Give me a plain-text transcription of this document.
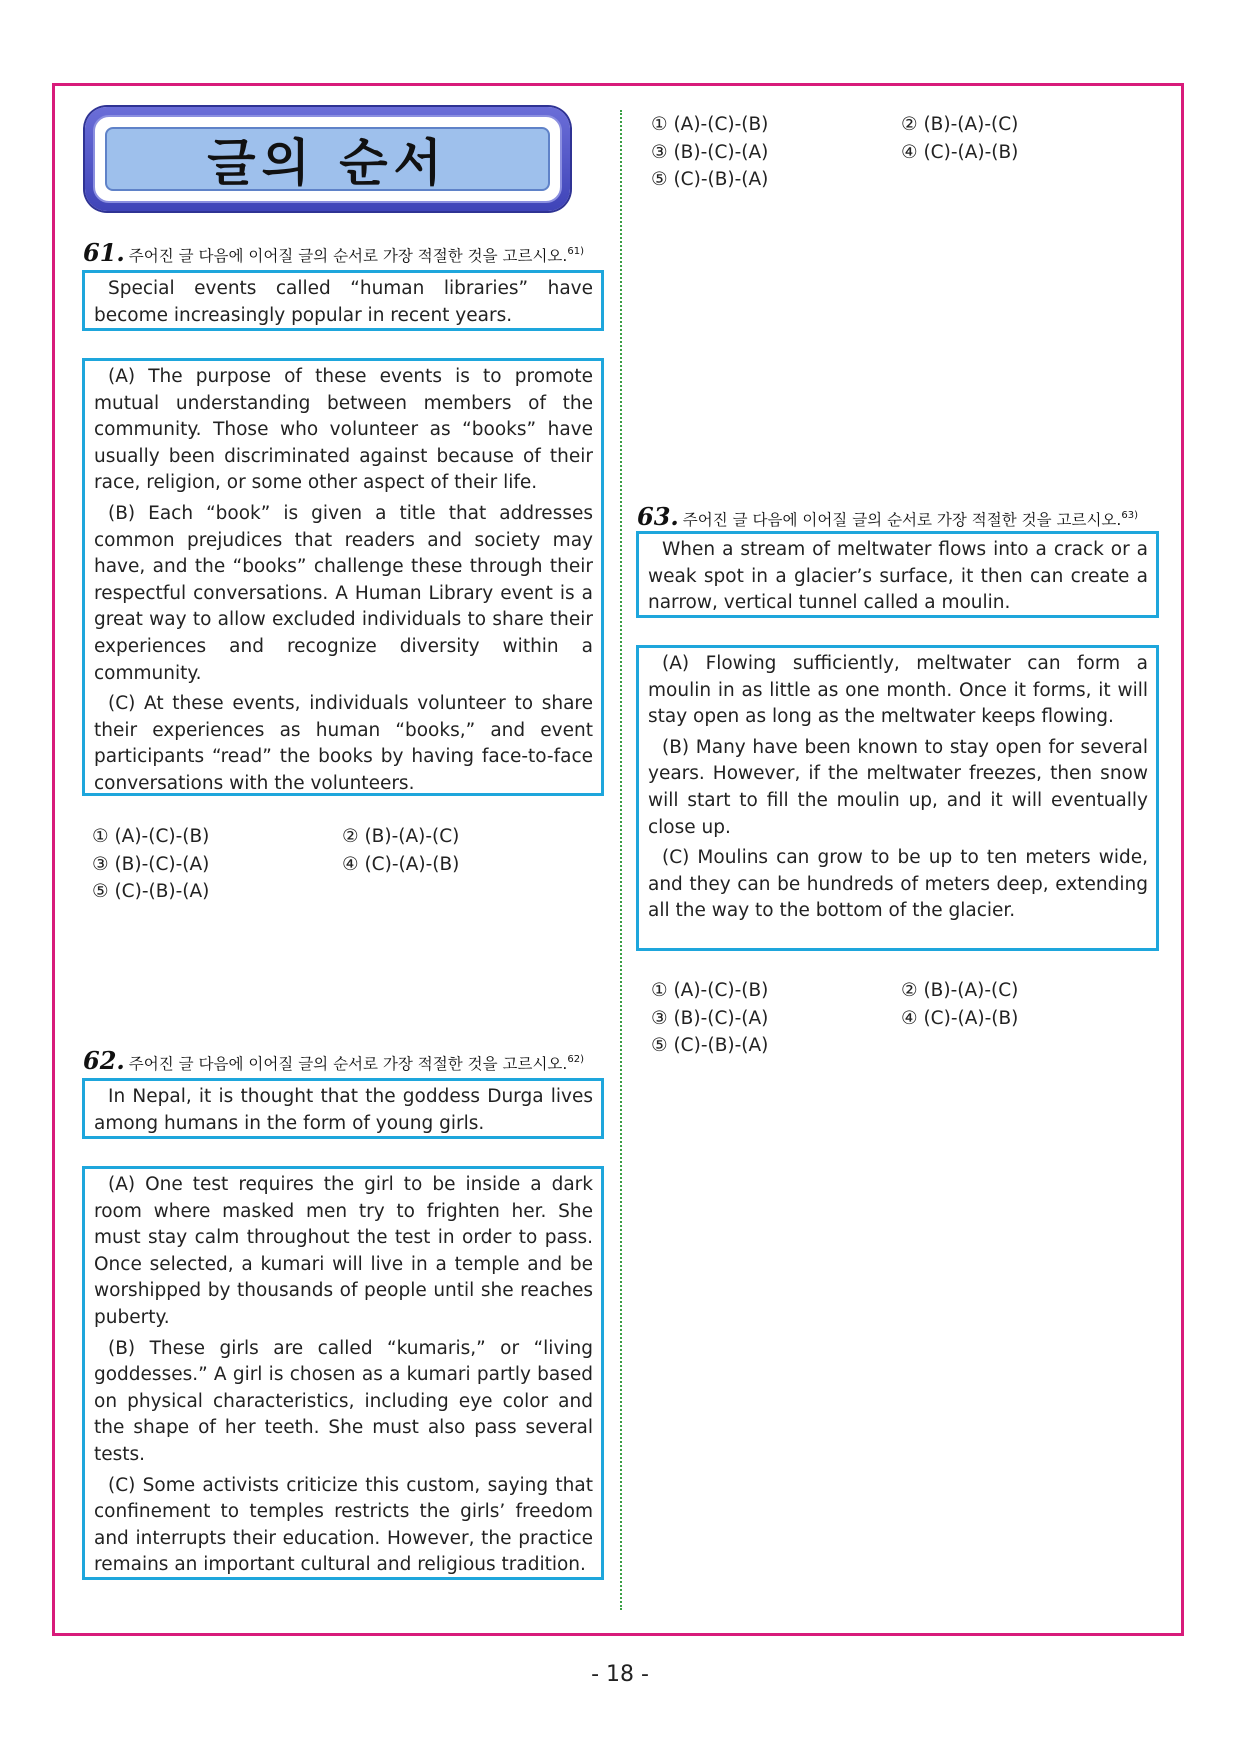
글의 순서
61. 주어진 글 다음에 이어질 글의 순서로 가장 적절한 것을 고르시오.$^{61)}$

Special events called “human libraries” have become increasingly popular in recent years.

(A) The purpose of these events is to promote mutual understanding between members of the community. Those who volunteer as “books” have usually been discriminated against because of their race, religion, or some other aspect of their life.

(B) Each “book” is given a title that addresses common prejudices that readers and society may have, and the “books” challenge these through their respectful conversations. A Human Library event is a great way to allow excluded individuals to share their experiences and recognize diversity within a community.

(C) At these events, individuals volunteer to share their experiences as human “books,” and event participants “read” the books by having face-to-face conversations with the volunteers.

① (A)-(C)-(B)	② (B)-(A)-(C)
③ (B)-(C)-(A)	④ (C)-(A)-(B)
⑤ (C)-(B)-(A)
62. 주어진 글 다음에 이어질 글의 순서로 가장 적절한 것을 고르시오.$^{62)}$

In Nepal, it is thought that the goddess Durga lives among humans in the form of young girls.

(A) One test requires the girl to be inside a dark room where masked men try to frighten her. She must stay calm throughout the test in order to pass. Once selected, a kumari will live in a temple and be worshipped by thousands of people until she reaches puberty.

(B) These girls are called “kumaris,” or “living goddesses.” A girl is chosen as a kumari partly based on physical characteristics, including eye color and the shape of her teeth. She must also pass several tests.

(C) Some activists criticize this custom, saying that confinement to temples restricts the girls’ freedom and interrupts their education. However, the practice remains an important cultural and religious tradition.

① (A)-(C)-(B)	② (B)-(A)-(C)
③ (B)-(C)-(A)	④ (C)-(A)-(B)
⑤ (C)-(B)-(A)
63. 주어진 글 다음에 이어질 글의 순서로 가장 적절한 것을 고르시오.$^{63)}$

When a stream of meltwater flows into a crack or a weak spot in a glacier’s surface, it then can create a narrow, vertical tunnel called a moulin.

(A) Flowing sufficiently, meltwater can form a moulin in as little as one month. Once it forms, it will stay open as long as the meltwater keeps flowing.

(B) Many have been known to stay open for several years. However, if the meltwater freezes, then snow will start to fill the moulin up, and it will eventually close up.

(C) Moulins can grow to be up to ten meters wide, and they can be hundreds of meters deep, extending all the way to the bottom of the glacier.

① (A)-(C)-(B)	② (B)-(A)-(C)
③ (B)-(C)-(A)	④ (C)-(A)-(B)
⑤ (C)-(B)-(A)
- 18 -
